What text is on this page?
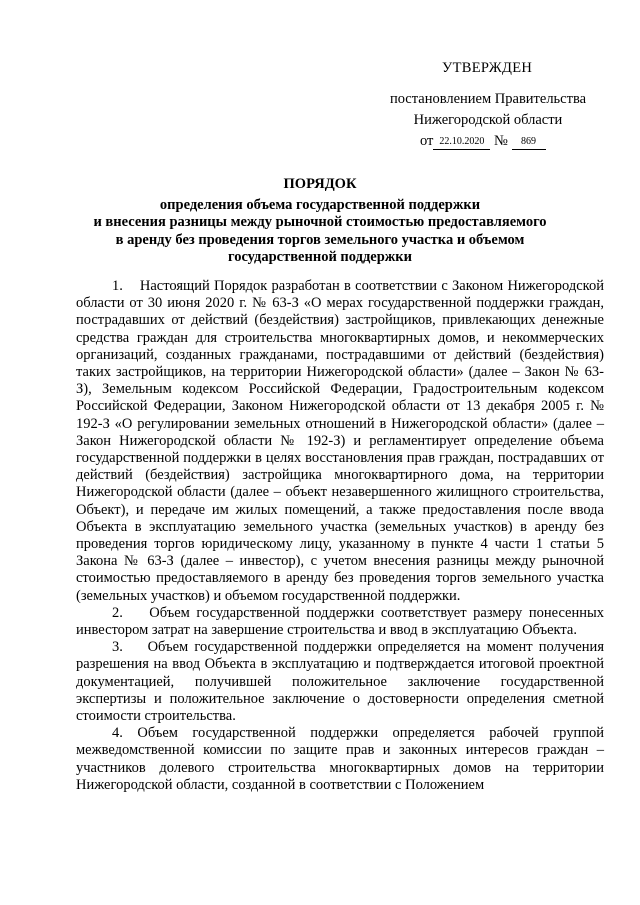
УТВЕРЖДЕН
постановлением Правительства
Нижегородской области
от 22.10.2020 № 869
ПОРЯДОК
определения объема государственной поддержки
и внесения разницы между рыночной стоимостью предоставляемого
в аренду без проведения торгов земельного участка и объемом
государственной поддержки

1.    Настоящий Порядок разработан в соответствии с Законом Нижегородской области от 30 июня 2020 г. № 63-З «О мерах государственной поддержки граждан, пострадавших от действий (бездействия) застройщиков, привлекающих денежные средства граждан для строительства многоквартирных домов, и некоммерческих организаций, созданных гражданами, пострадавшими от действий (бездействия) таких застройщиков, на территории Нижегородской области» (далее – Закон № 63-З), Земельным кодексом Российской Федерации, Градостроительным кодексом Российской Федерации, Законом Нижегородской области от 13 декабря 2005 г. № 192-З «О регулировании земельных отношений в Нижегородской области» (далее – Закон Нижегородской области № 192-З) и регламентирует определение объема государственной поддержки в целях восстановления прав граждан, пострадавших от действий (бездействия) застройщика многоквартирного дома, на территории Нижегородской области (далее – объект незавершенного жилищного строительства, Объект), и передаче им жилых помещений, а также предоставления после ввода Объекта в эксплуатацию земельного участка (земельных участков) в аренду без проведения торгов юридическому лицу, указанному в пункте 4 части 1 статьи 5 Закона № 63-З (далее – инвестор), с учетом внесения разницы между рыночной стоимостью предоставляемого в аренду без проведения торгов земельного участка (земельных участков) и объемом государственной поддержки.

2.    Объем государственной поддержки соответствует размеру понесенных инвестором затрат на завершение строительства и ввод в эксплуатацию Объекта.

3.    Объем государственной поддержки определяется на момент получения разрешения на ввод Объекта в эксплуатацию и подтверждается итоговой проектной документацией, получившей положительное заключение государственной экспертизы и положительное заключение о достоверности определения сметной стоимости строительства.

4. Объем государственной поддержки определяется рабочей группой межведомственной комиссии по защите прав и законных интересов граждан – участников долевого строительства многоквартирных домов на территории Нижегородской области, созданной в соответствии с Положением
